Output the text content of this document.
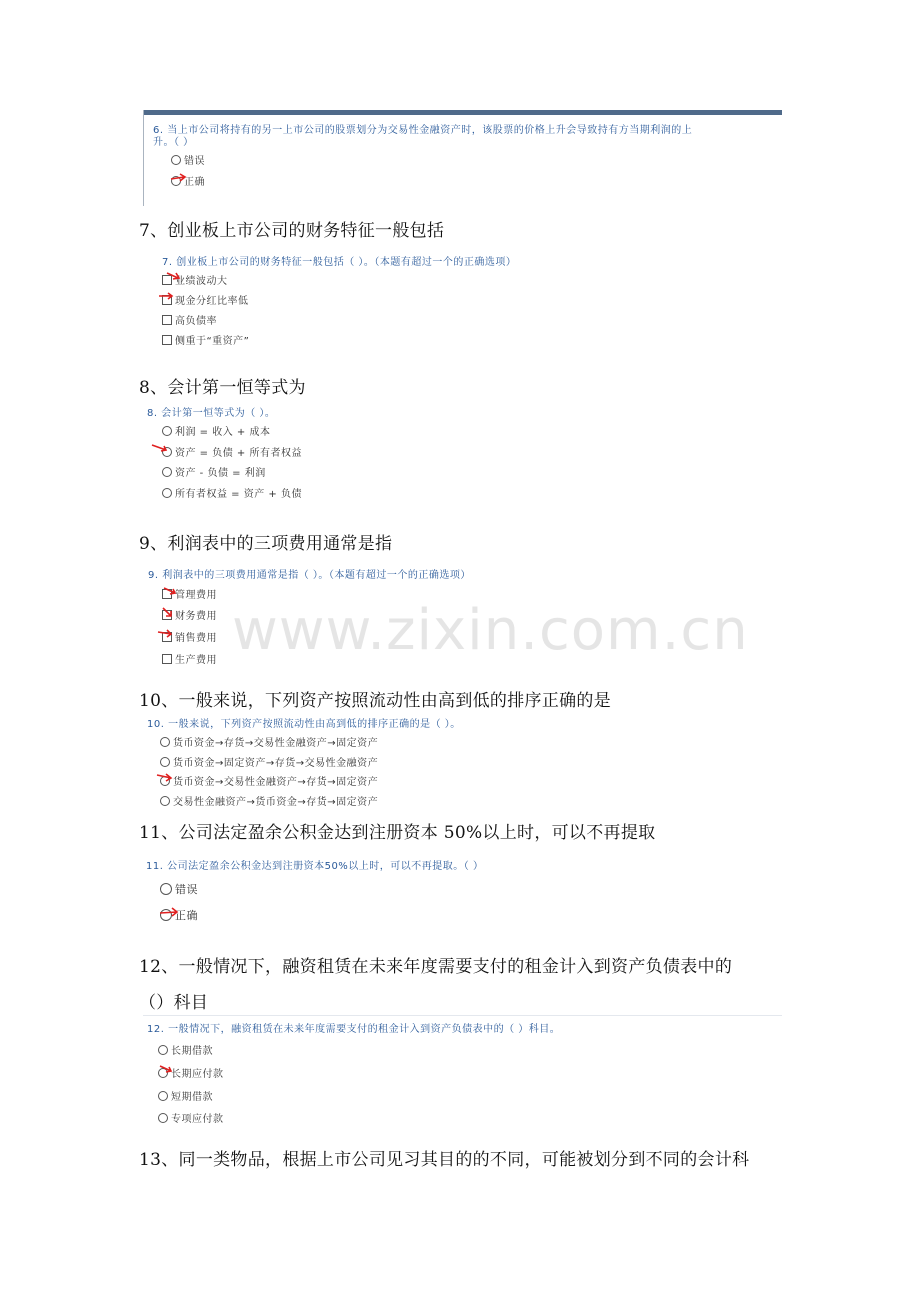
6. 当上市公司将持有的另一上市公司的股票划分为交易性金融资产时，该股票的价格上升会导致持有方当期利润的上
升。（ ）
错误
正确
7、创业板上市公司的财务特征一般包括
7. 创业板上市公司的财务特征一般包括（ ）。（本题有超过一个的正确选项）
业绩波动大
现金分红比率低
高负债率
侧重于“重资产”
8、会计第一恒等式为
8. 会计第一恒等式为（ ）。
利润 = 收入 + 成本
资产 = 负债 + 所有者权益
资产 - 负债 = 利润
所有者权益 = 资产 + 负债
9、利润表中的三项费用通常是指
9. 利润表中的三项费用通常是指（ ）。（本题有超过一个的正确选项）
管理费用
财务费用
销售费用
生产费用 www.zixin.com.cn
10、一般来说，下列资产按照流动性由高到低的排序正确的是
10. 一般来说，下列资产按照流动性由高到低的排序正确的是（ ）。
货币资金→存货→交易性金融资产→固定资产
货币资金→固定资产→存货→交易性金融资产
货币资金→交易性金融资产→存货→固定资产
交易性金融资产→货币资金→存货→固定资产
11、公司法定盈余公积金达到注册资本 50%以上时，可以不再提取
11. 公司法定盈余公积金达到注册资本50%以上时，可以不再提取。（ ）
错误
正确
12、一般情况下，融资租赁在未来年度需要支付的租金计入到资产负债表中的
（）科目
12. 一般情况下，融资租赁在未来年度需要支付的租金计入到资产负债表中的（ ）科目。
长期借款
长期应付款
短期借款
专项应付款
13、同一类物品，根据上市公司见习其目的的不同，可能被划分到不同的会计科
